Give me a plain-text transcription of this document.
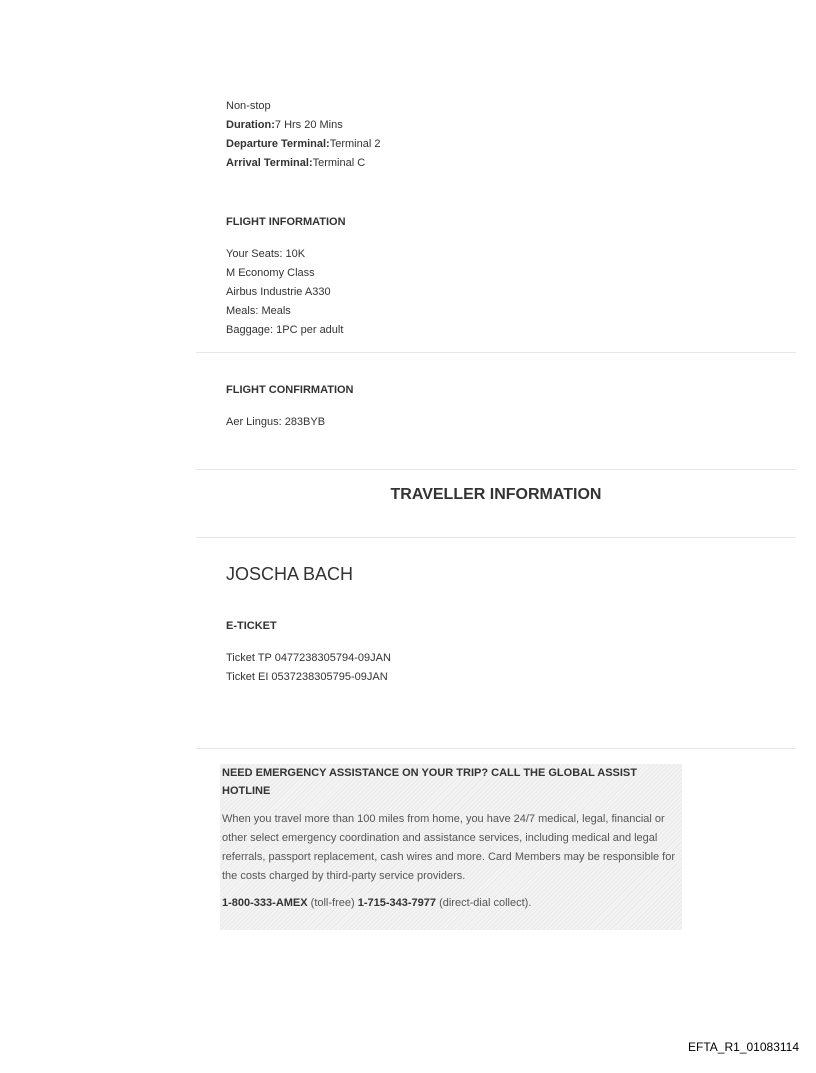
Non-stop
Duration:7 Hrs 20 Mins
Departure Terminal:Terminal 2
Arrival Terminal:Terminal C
FLIGHT INFORMATION
Your Seats: 10K
M Economy Class
Airbus Industrie A330
Meals: Meals
Baggage: 1PC per adult
FLIGHT CONFIRMATION
Aer Lingus: 283BYB
TRAVELLER INFORMATION
JOSCHA BACH
E-TICKET
Ticket TP 0477238305794-09JAN
Ticket EI 0537238305795-09JAN
NEED EMERGENCY ASSISTANCE ON YOUR TRIP? CALL THE GLOBAL ASSIST HOTLINE
When you travel more than 100 miles from home, you have 24/7 medical, legal, financial or other select emergency coordination and assistance services, including medical and legal referrals, passport replacement, cash wires and more. Card Members may be responsible for the costs charged by third-party service providers.
1-800-333-AMEX (toll-free) 1-715-343-7977 (direct-dial collect).
EFTA_R1_01083114
